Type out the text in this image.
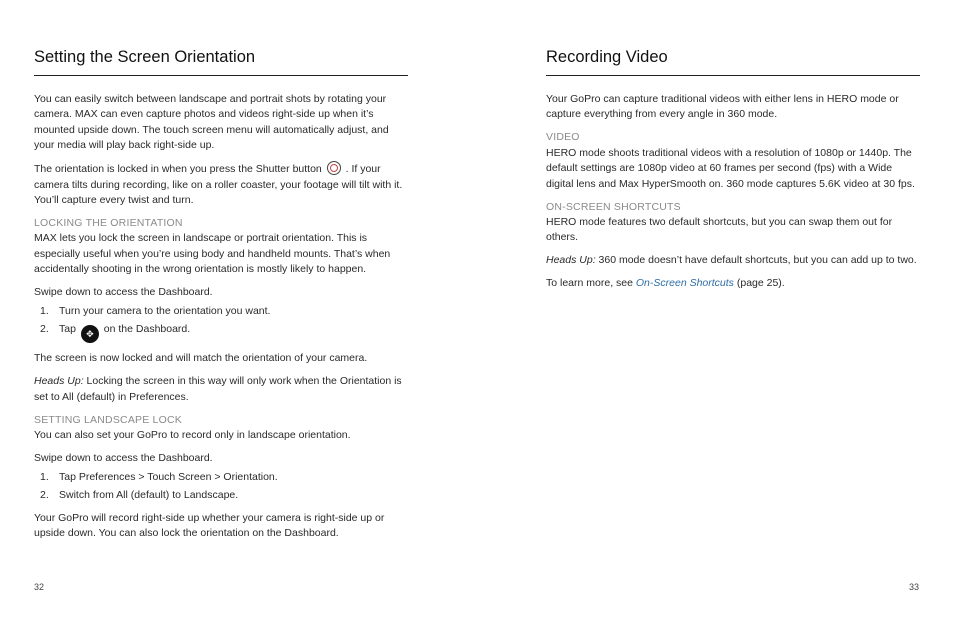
Setting the Screen Orientation

You can easily switch between landscape and portrait shots by rotating your camera. MAX can even capture photos and videos right-side up when it’s mounted upside down. The touch screen menu will automatically adjust, and your media will play back right-side up.

The orientation is locked in when you press the Shutter button . If your camera tilts during recording, like on a roller coaster, your footage will tilt with it. You’ll capture every twist and turn.

LOCKING THE ORIENTATION

MAX lets you lock the screen in landscape or portrait orientation. This is especially useful when you’re using body and handheld mounts. That’s when accidentally shooting in the wrong orientation is mostly likely to happen.

Swipe down to access the Dashboard.

1. Turn your camera to the orientation you want.
2. Tap ✥ on the Dashboard.

The screen is now locked and will match the orientation of your camera.

Heads Up: Locking the screen in this way will only work when the Orientation is set to All (default) in Preferences.

SETTING LANDSCAPE LOCK

You can also set your GoPro to record only in landscape orientation.

Swipe down to access the Dashboard.

1. Tap Preferences > Touch Screen > Orientation.
2. Switch from All (default) to Landscape.

Your GoPro will record right-side up whether your camera is right-side up or upside down. You can also lock the orientation on the Dashboard.

Recording Video

Your GoPro can capture traditional videos with either lens in HERO mode or capture everything from every angle in 360 mode.

VIDEO

HERO mode shoots traditional videos with a resolution of 1080p or 1440p. The default settings are 1080p video at 60 frames per second (fps) with a Wide digital lens and Max HyperSmooth on. 360 mode captures 5.6K video at 30 fps.

ON-SCREEN SHORTCUTS

HERO mode features two default shortcuts, but you can swap them out for others.

Heads Up: 360 mode doesn’t have default shortcuts, but you can add up to two.

To learn more, see On-Screen Shortcuts (page 25).

32	33
